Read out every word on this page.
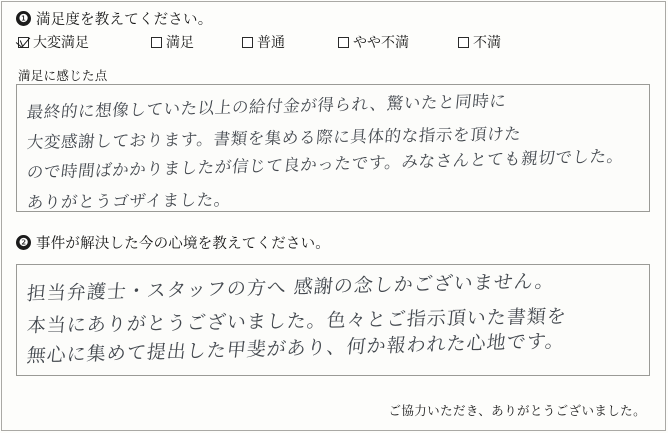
❶ 満足度を教えてください。
大変満足	満足	普通	やや不満	不満
満足に感じた点
最終的に想像していた以上の給付金が得られ、驚いたと同時に
大変感謝しております。書類を集める際に具体的な指示を頂けた
ので時間ばかかりましたが信じて良かったです。みなさんとても親切でした。
ありがとうゴザイました。
❷ 事件が解決した今の心境を教えてください。
担当弁護士・スタッフの方へ 感謝の念しかございません。
本当にありがとうございました。色々とご指示頂いた書類を
無心に集めて提出した甲斐があり、何か報われた心地です。
ご協力いただき、ありがとうございました。
